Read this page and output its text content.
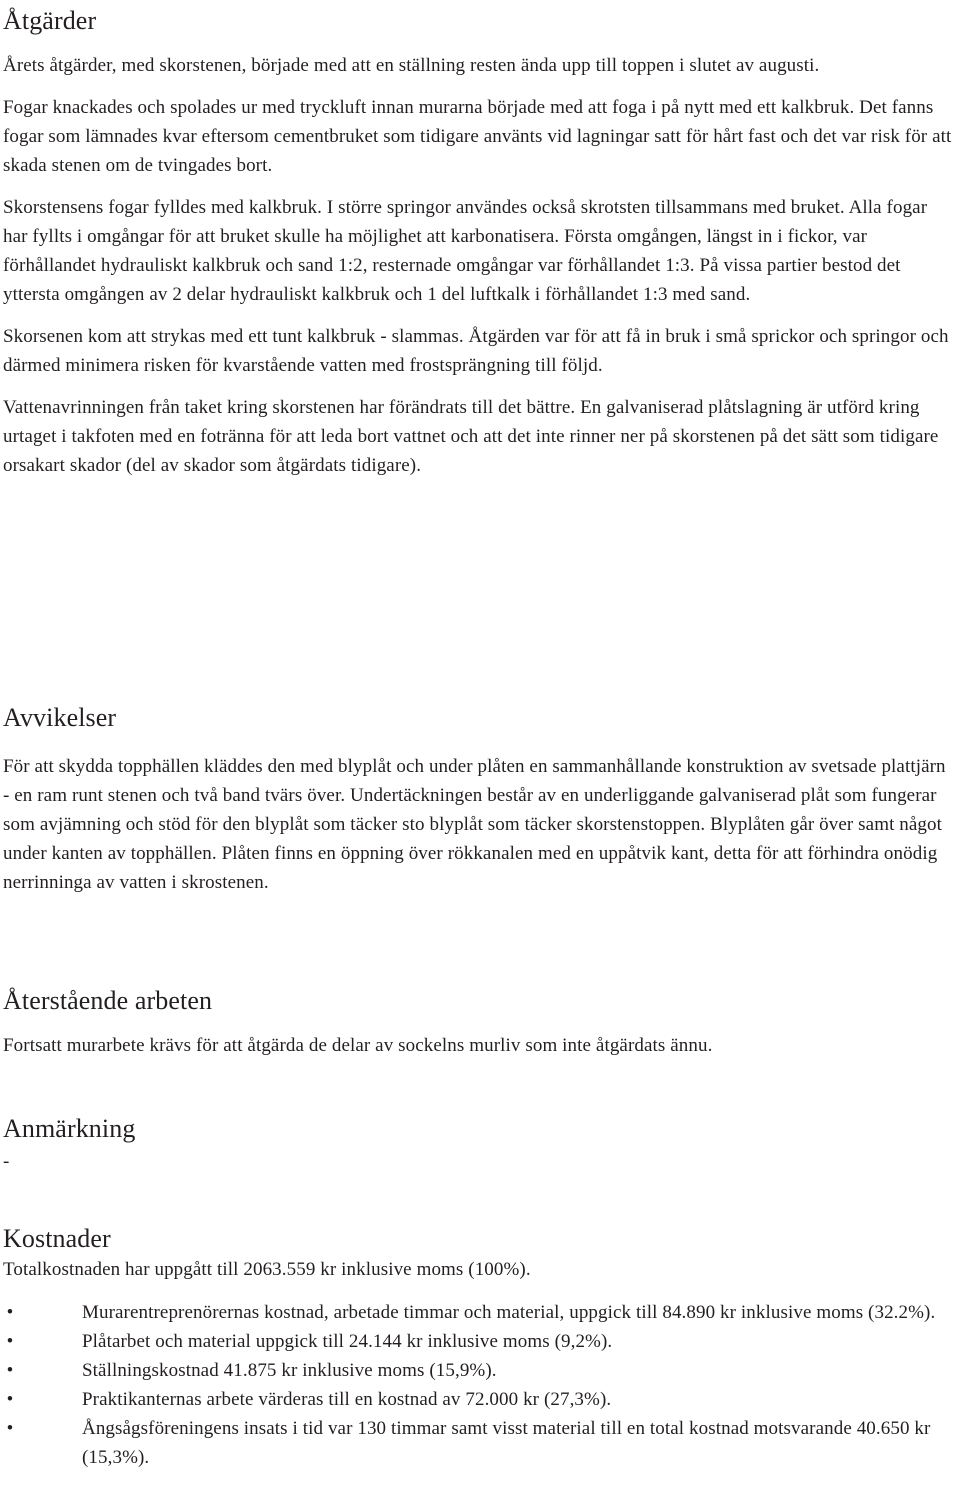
Åtgärder

Årets åtgärder, med skorstenen, började med att en ställning resten ända upp till toppen i slutet av augusti.

Fogar knackades och spolades ur med tryckluft innan murarna började med att foga i på nytt med ett kalkbruk. Det fanns fogar som lämnades kvar eftersom cementbruket som tidigare använts vid lagningar satt för hårt fast och det var risk för att skada stenen om de tvingades bort.

Skorstensens fogar fylldes med kalkbruk. I större springor användes också skrotsten tillsammans med bruket. Alla fogar har fyllts i omgångar för att bruket skulle ha möjlighet att karbonatisera. Första omgången, längst in i fickor, var förhållandet hydrauliskt kalkbruk och sand 1:2, resternade omgångar var förhållandet 1:3. På vissa partier bestod det yttersta omgången av 2 delar hydrauliskt kalkbruk och 1 del luftkalk i förhållandet 1:3 med sand.

Skorsenen kom att strykas med ett tunt kalkbruk - slammas. Åtgärden var för att få in bruk i små sprickor och springor och därmed minimera risken för kvarstående vatten med frostsprängning till följd.

Vattenavrinningen från taket kring skorstenen har förändrats till det bättre. En galvaniserad plåtslagning är utförd kring urtaget i takfoten med en fotränna för att leda bort vattnet och att det inte rinner ner på skorstenen på det sätt som tidigare orsakart skador (del av skador som åtgärdats tidigare).

Avvikelser

För att skydda topphällen kläddes den med blyplåt och under plåten en sammanhållande konstruktion av svetsade plattjärn - en ram runt stenen och två band tvärs över. Undertäckningen består av en underliggande galvaniserad plåt som fungerar som avjämning och stöd för den blyplåt som täcker sto blyplåt som täcker skorstenstoppen. Blyplåten går över samt något under kanten av topphällen. Plåten finns en öppning över rökkanalen med en uppåtvik kant, detta för att förhindra onödig nerrinninga av vatten i skrostenen.

Återstående arbeten

Fortsatt murarbete krävs för att åtgärda de delar av sockelns murliv som inte åtgärdats ännu.

Anmärkning

-

Kostnader

Totalkostnaden har uppgått till 2063.559 kr inklusive moms (100%).

•	Murarentreprenörernas kostnad, arbetade timmar och material, uppgick till 84.890 kr inklusive moms (32.2%).
•	Plåtarbet och material uppgick till 24.144 kr inklusive moms (9,2%).
•	Ställningskostnad 41.875 kr inklusive moms (15,9%).
•	Praktikanternas arbete värderas till en kostnad av 72.000 kr (27,3%).
•	Ångsågsföreningens insats i tid var 130 timmar samt visst material till en total kostnad motsvarande 40.650 kr (15,3%).
